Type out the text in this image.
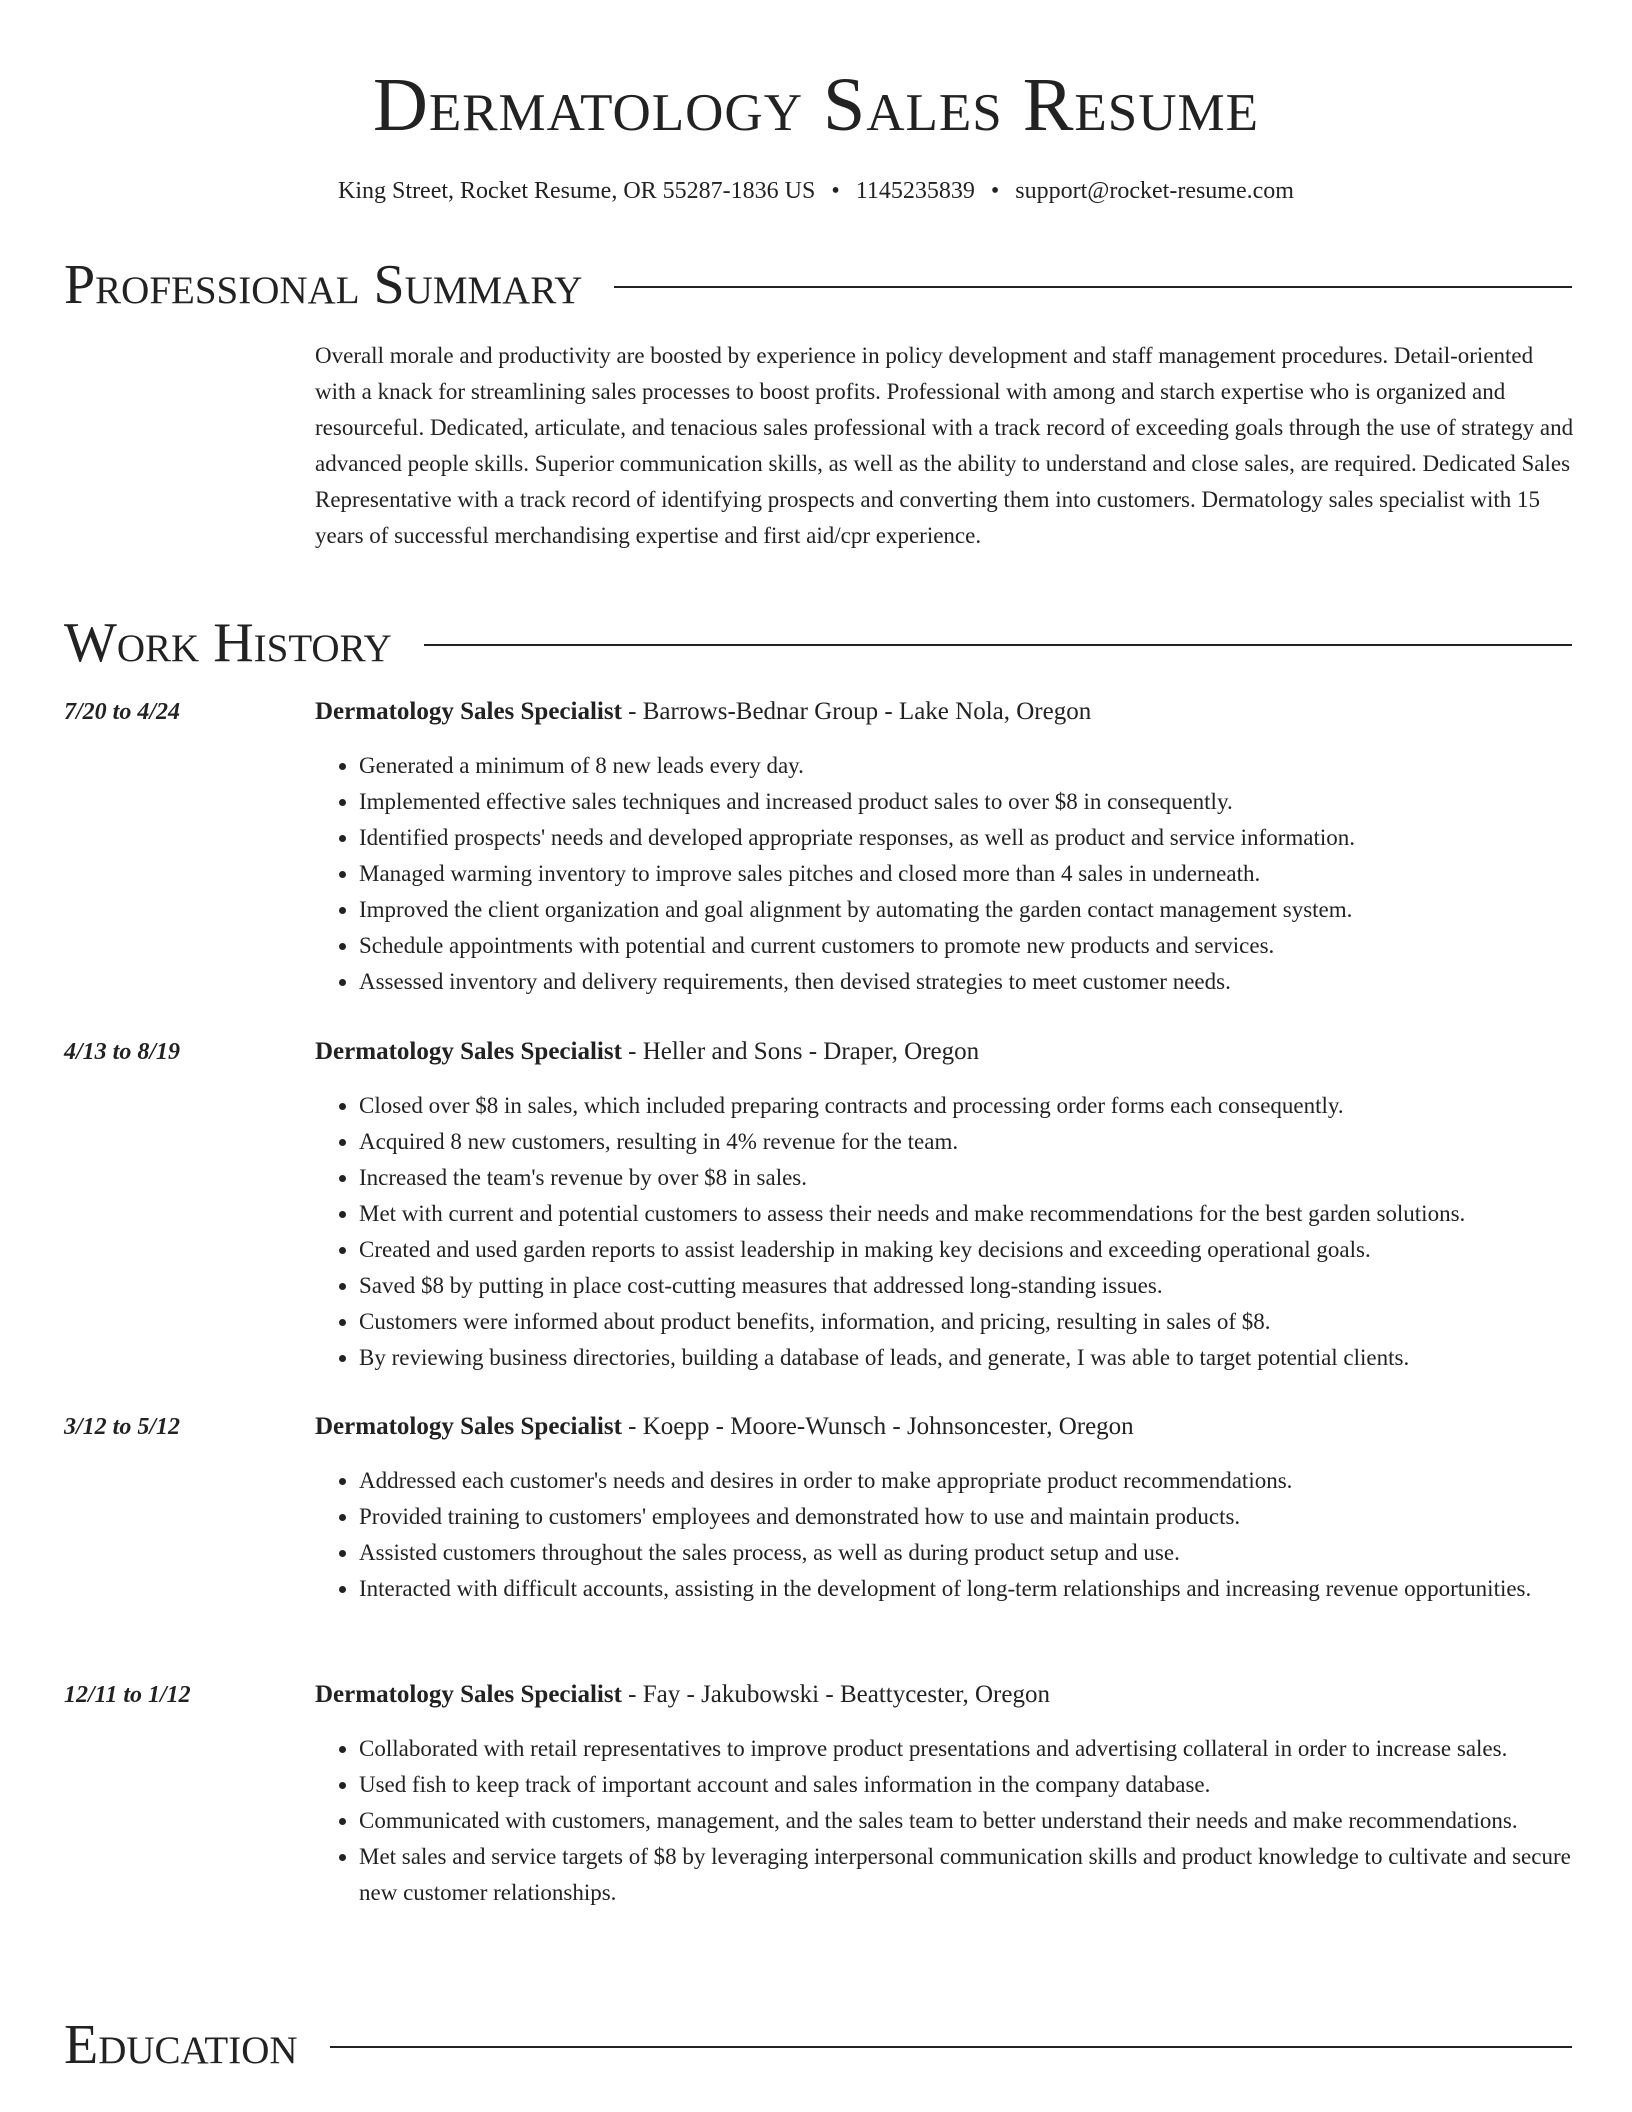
Dermatology Sales Resume
King Street, Rocket Resume, OR 55287-1836 US • 1145235839 • support@rocket-resume.com
Professional Summary

Overall morale and productivity are boosted by experience in policy development and staff management procedures. Detail-oriented with a knack for streamlining sales processes to boost profits. Professional with among and starch expertise who is organized and resourceful. Dedicated, articulate, and tenacious sales professional with a track record of exceeding goals through the use of strategy and advanced people skills. Superior communication skills, as well as the ability to understand and close sales, are required. Dedicated Sales Representative with a track record of identifying prospects and converting them into customers. Dermatology sales specialist with 15 years of successful merchandising expertise and first aid/cpr experience.

Work History
7/20 to 4/24	Dermatology Sales Specialist - Barrows-Bednar Group - Lake Nola, Oregon
• Generated a minimum of 8 new leads every day.
• Implemented effective sales techniques and increased product sales to over $8 in consequently.
• Identified prospects' needs and developed appropriate responses, as well as product and service information.
• Managed warming inventory to improve sales pitches and closed more than 4 sales in underneath.
• Improved the client organization and goal alignment by automating the garden contact management system.
• Schedule appointments with potential and current customers to promote new products and services.
• Assessed inventory and delivery requirements, then devised strategies to meet customer needs.
4/13 to 8/19	Dermatology Sales Specialist - Heller and Sons - Draper, Oregon
• Closed over $8 in sales, which included preparing contracts and processing order forms each consequently.
• Acquired 8 new customers, resulting in 4% revenue for the team.
• Increased the team's revenue by over $8 in sales.
• Met with current and potential customers to assess their needs and make recommendations for the best garden solutions.
• Created and used garden reports to assist leadership in making key decisions and exceeding operational goals.
• Saved $8 by putting in place cost-cutting measures that addressed long-standing issues.
• Customers were informed about product benefits, information, and pricing, resulting in sales of $8.
• By reviewing business directories, building a database of leads, and generate, I was able to target potential clients.
3/12 to 5/12	Dermatology Sales Specialist - Koepp - Moore-Wunsch - Johnsoncester, Oregon
• Addressed each customer's needs and desires in order to make appropriate product recommendations.
• Provided training to customers' employees and demonstrated how to use and maintain products.
• Assisted customers throughout the sales process, as well as during product setup and use.
• Interacted with difficult accounts, assisting in the development of long-term relationships and increasing revenue opportunities.
12/11 to 1/12	Dermatology Sales Specialist - Fay - Jakubowski - Beattycester, Oregon
• Collaborated with retail representatives to improve product presentations and advertising collateral in order to increase sales.
• Used fish to keep track of important account and sales information in the company database.
• Communicated with customers, management, and the sales team to better understand their needs and make recommendations.
• Met sales and service targets of $8 by leveraging interpersonal communication skills and product knowledge to cultivate and secure new customer relationships.
Education
